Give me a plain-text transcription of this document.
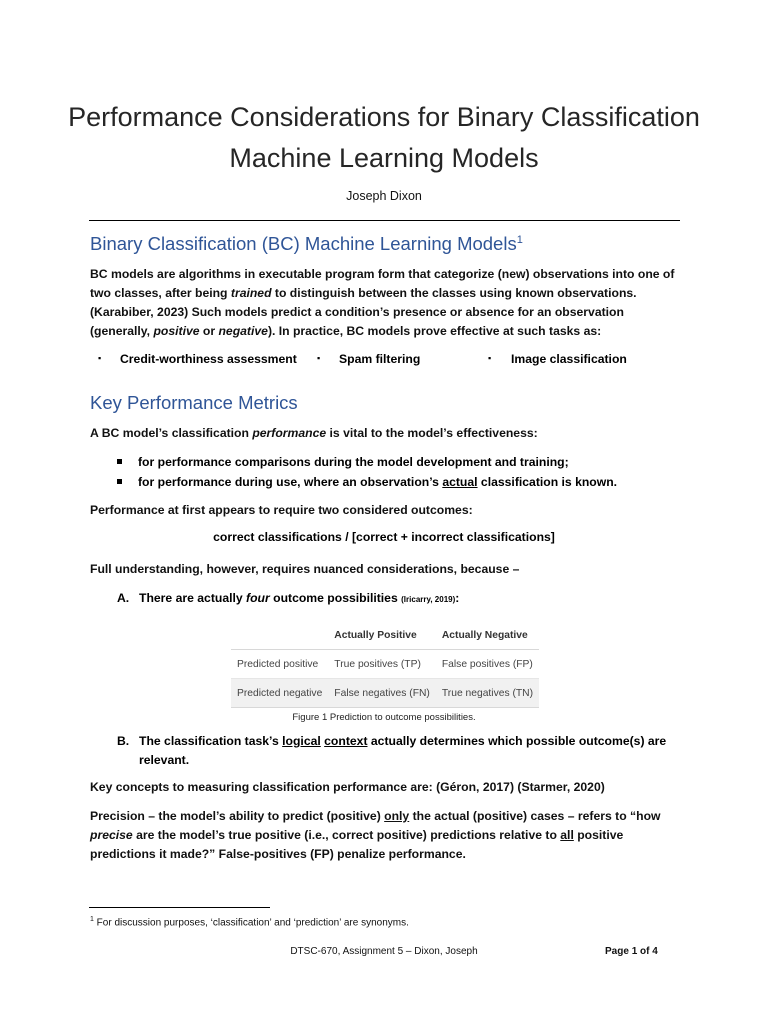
Performance Considerations for Binary Classification Machine Learning Models
Joseph Dixon
Binary Classification (BC) Machine Learning Models$^1$

BC models are algorithms in executable program form that categorize (new) observations into one of two classes, after being trained to distinguish between the classes using known observations. (Karabiber, 2023) Such models predict a condition’s presence or absence for an observation (generally, positive or negative). In practice, BC models prove effective at such tasks as:

▪ Credit-worthiness assessment ▪ Spam filtering	▪ Image classification
Key Performance Metrics

A BC model’s classification performance is vital to the model’s effectiveness:

for performance comparisons during the model development and training;
for performance during use, where an observation’s actual classification is known.

Performance at first appears to require two considered outcomes:

correct classifications / [correct + incorrect classifications]

Full understanding, however, requires nuanced considerations, because –

A. There are actually four outcome possibilities (Iricarry, 2019):
	Actually Positive	Actually Negative
Predicted positive	True positives (TP)	False positives (FP)
Predicted negative	False negatives (FN)	True negatives (TN)
Figure 1 Prediction to outcome possibilities.
B. The classification task’s logical context actually determines which possible outcome(s) are relevant.

Key concepts to measuring classification performance are: (Géron, 2017) (Starmer, 2020)

Precision – the model’s ability to predict (positive) only the actual (positive) cases – refers to “how precise are the model’s true positive (i.e., correct positive) predictions relative to all positive predictions it made?” False-positives (FP) penalize performance.

$^1$ For discussion purposes, ‘classification’ and ‘prediction’ are synonyms.
DTSC-670, Assignment 5 – Dixon, Joseph	Page 1 of 4
